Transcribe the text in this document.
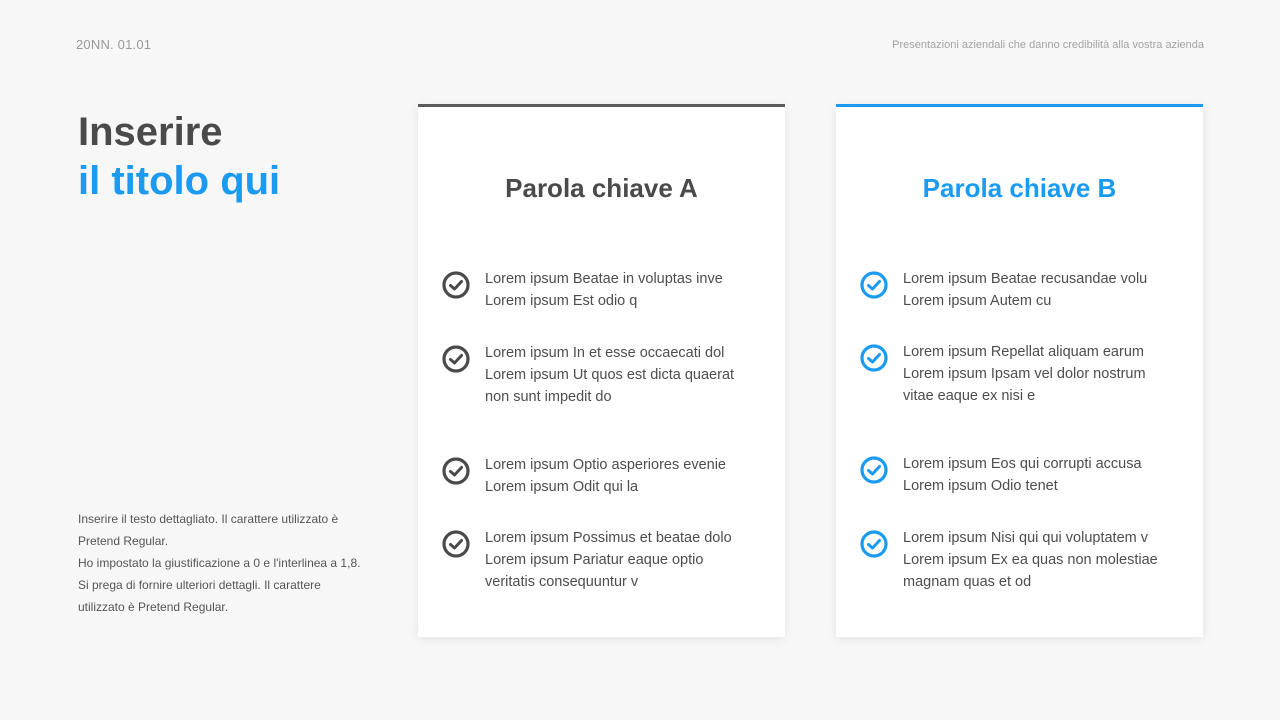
20NN. 01.01	Presentazioni aziendali che danno credibilità alla vostra azienda
Inserire
il titolo qui

Inserire il testo dettagliato. Il carattere utilizzato è

Pretend Regular.

Ho impostato la giustificazione a 0 e l'interlinea a 1,8.

Si prega di fornire ulteriori dettagli. Il carattere

utilizzato è Pretend Regular.

Parola chiave A
Lorem ipsum Beatae in voluptas inve
Lorem ipsum Est odio q
Lorem ipsum In et esse occaecati dol
Lorem ipsum Ut quos est dicta quaerat
non sunt impedit do
Lorem ipsum Optio asperiores evenie
Lorem ipsum Odit qui la
Lorem ipsum Possimus et beatae dolo
Lorem ipsum Pariatur eaque optio
veritatis consequuntur v
Parola chiave B
Lorem ipsum Beatae recusandae volu
Lorem ipsum Autem cu
Lorem ipsum Repellat aliquam earum
Lorem ipsum Ipsam vel dolor nostrum
vitae eaque ex nisi e
Lorem ipsum Eos qui corrupti accusa
Lorem ipsum Odio tenet
Lorem ipsum Nisi qui qui voluptatem v
Lorem ipsum Ex ea quas non molestiae
magnam quas et od
